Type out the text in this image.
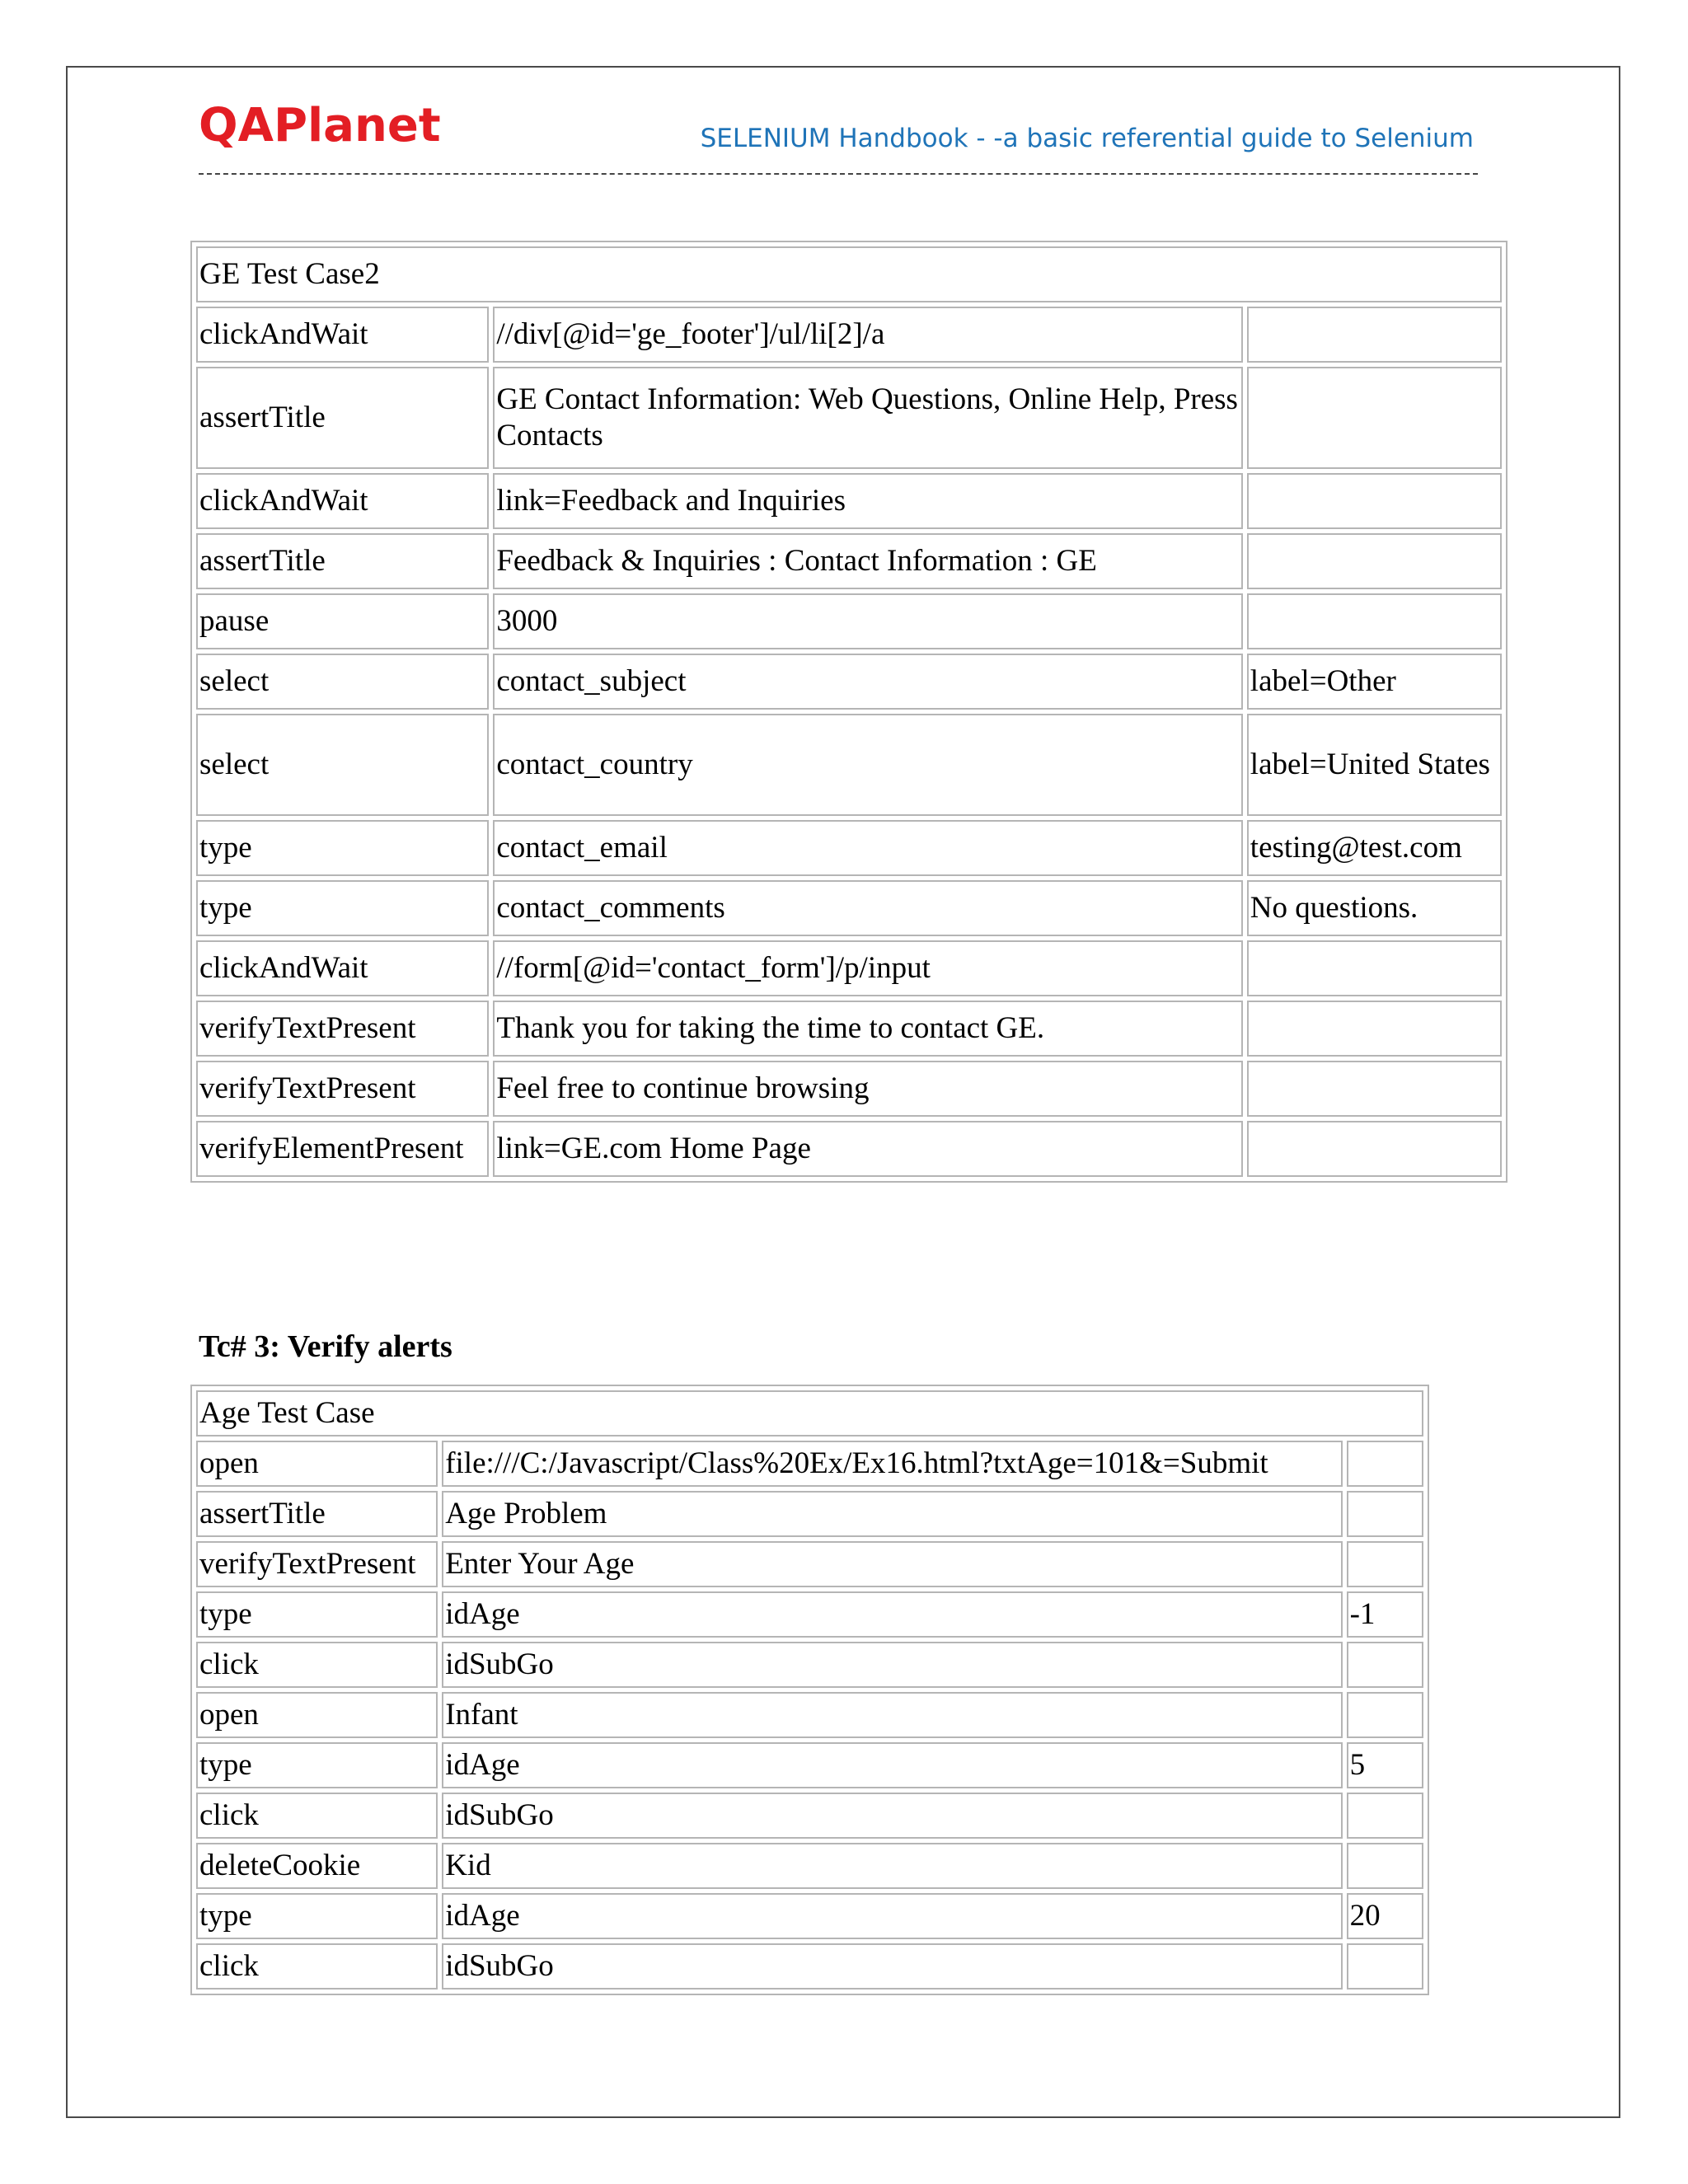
QAPlanet	SELENIUM Handbook - -a basic referential guide to Selenium
GE Test Case2		
clickAndWait	//div[@id='ge_footer']/ul/li[2]/a	
assertTitle	GE Contact Information: Web Questions, Online Help, Press Contacts	
clickAndWait	link=Feedback and Inquiries	
assertTitle	Feedback & Inquiries : Contact Information : GE	
pause	3000	
select	contact_subject	label=Other
select	contact_country	label=United States
type	contact_email	testing@test.com
type	contact_comments	No questions.
clickAndWait	//form[@id='contact_form']/p/input	
verifyTextPresent	Thank you for taking the time to contact GE.	
verifyTextPresent	Feel free to continue browsing	
verifyElementPresent	link=GE.com Home Page	
Tc# 3: Verify alerts
Age Test Case		
open	file:///C:/Javascript/Class%20Ex/Ex16.html?txtAge=101&=Submit	
assertTitle	Age Problem	
verifyTextPresent	Enter Your Age	
type	idAge	-1
click	idSubGo	
open	Infant	
type	idAge	5
click	idSubGo	
deleteCookie	Kid	
type	idAge	20
click	idSubGo	
